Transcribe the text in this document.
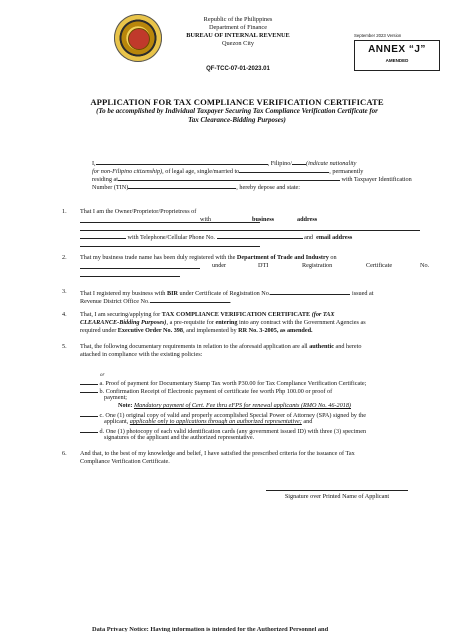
Republic of the Philippines
Department of Finance
BUREAU OF INTERNAL REVENUE
Quezon City
QF-TCC-07-01-2023.01
September 2023 Version
ANNEX “J”
AMENDED
APPLICATION FOR TAX COMPLIANCE VERIFICATION CERTIFICATE
(To be accomplished by Individual Taxpayer Securing Tax Compliance Verification Certificate for
Tax Clearance-Bidding Purposes)
I,	, Filipino/ (indicate nationality
for non-Filipino citizenship), of legal age, single/married to	, permanently
residing at	with Taxpayer Identification
Number (TIN)	, hereby depose and state:
1. That I am the Owner/Proprietor/Proprietress of
with	business	address
with Telephone/Cellular Phone No.	and email address
2. That my business trade name has been duly registered with the Department of Trade and Industry on
under	DTI	Registration	Certificate	No.
3. That I registered my business with BIR under Certificate of Registration No.	issued at
Revenue District Office No.	.
4. That, I am securing/applying for TAX COMPLIANCE VERIFICATION CERTIFICATE (for TAX
CLEARANCE-Bidding Purposes), a pre-requisite for entering into any contract with the Government Agencies as
required under Executive Order No. 398, and implemented by RR No. 3-2005, as amended.
5. That, the following documentary requirements in relation to the aforesaid application are all authentic and hereto
attached in compliance with the existing policies:
a. Proof of payment for Documentary Stamp Tax worth P30.00 for Tax Compliance Verification Certificate;
b. Confirmation Receipt of Electronic payment of certificate fee worth Php 100.00 or proof of
or
payment;
Note: Mandatory payment of Cert. Fee thru eFPS for renewal applicants (RMO No. 46-2018)
c. One (1) original copy of valid and properly accomplished Special Power of Attorney (SPA) signed by the
applicant, applicable only to applications through an authorized representative; and
d. One (1) photocopy of each valid identification cards (any government issued ID) with three (3) specimen
signatures of the applicant and the authorized representative.
6. And that, to the best of my knowledge and belief, I have satisfied the prescribed criteria for the issuance of Tax
Compliance Verification Certificate.
Signature over Printed Name of Applicant
Data Privacy Notice: Having information is intended for the Authorized Personnel and
